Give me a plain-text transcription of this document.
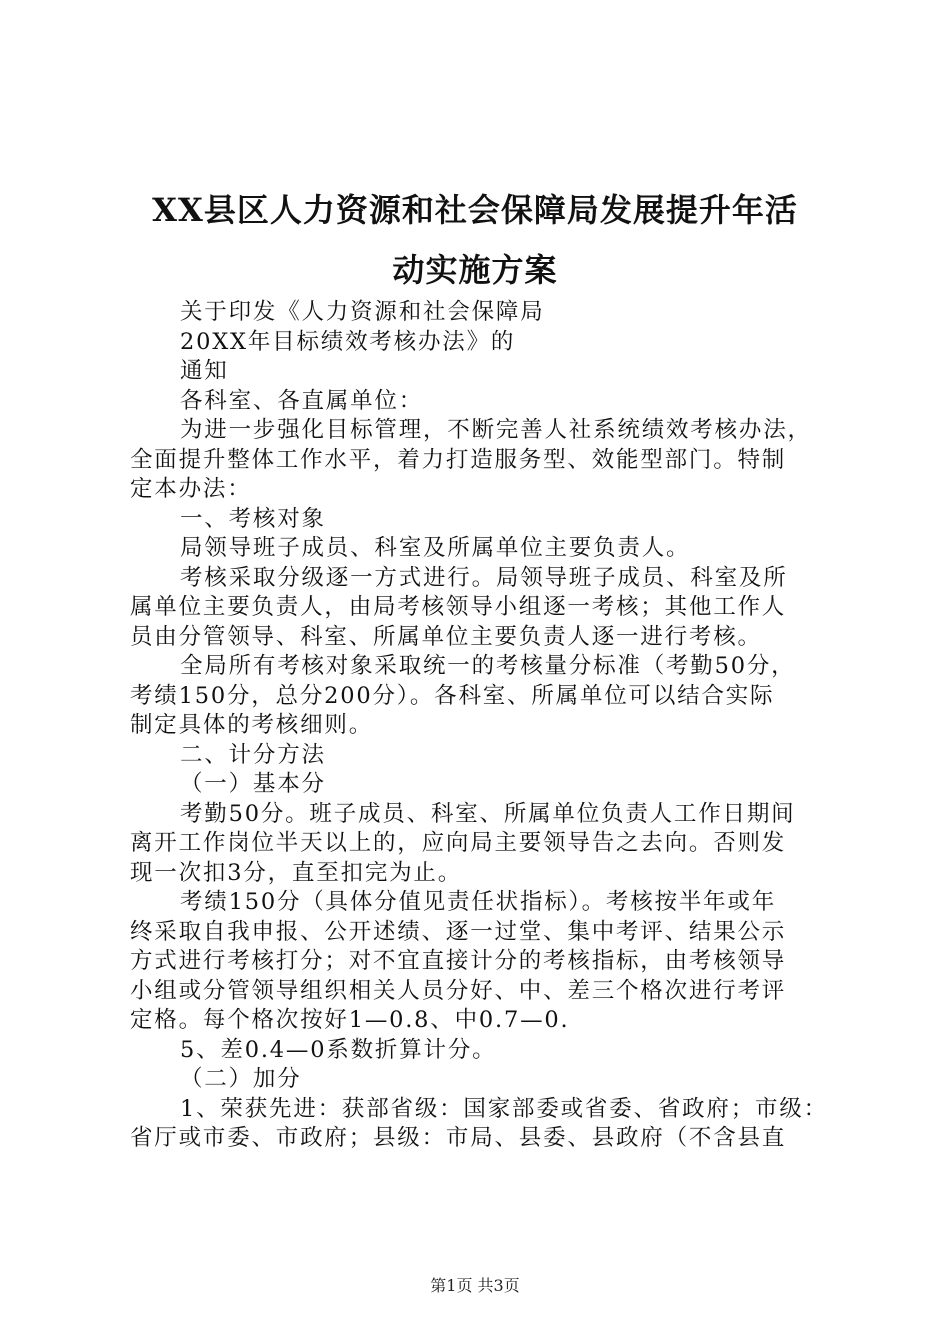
XX县区人力资源和社会保障局发展提升年活
动实施方案
关于印发《人力资源和社会保障局
20XX年目标绩效考核办法》的
通知
各科室、各直属单位：
为进一步强化目标管理，不断完善人社系统绩效考核办法，
全面提升整体工作水平，着力打造服务型、效能型部门。特制
定本办法：
一、考核对象
局领导班子成员、科室及所属单位主要负责人。
考核采取分级逐一方式进行。局领导班子成员、科室及所
属单位主要负责人，由局考核领导小组逐一考核；其他工作人
员由分管领导、科室、所属单位主要负责人逐一进行考核。
全局所有考核对象采取统一的考核量分标准（考勤50分，
考绩150分，总分200分）。各科室、所属单位可以结合实际
制定具体的考核细则。
二、计分方法
（一）基本分
考勤50分。班子成员、科室、所属单位负责人工作日期间
离开工作岗位半天以上的，应向局主要领导告之去向。否则发
现一次扣3分，直至扣完为止。
考绩150分（具体分值见责任状指标）。考核按半年或年
终采取自我申报、公开述绩、逐一过堂、集中考评、结果公示
方式进行考核打分；对不宜直接计分的考核指标，由考核领导
小组或分管领导组织相关人员分好、中、差三个格次进行考评
定格。每个格次按好1—0.8、中0.7—0.
5、差0.4—0系数折算计分。
（二）加分
1、荣获先进：获部省级：国家部委或省委、省政府；市级：
省厅或市委、市政府；县级：市局、县委、县政府（不含县直
第1页 共3页
